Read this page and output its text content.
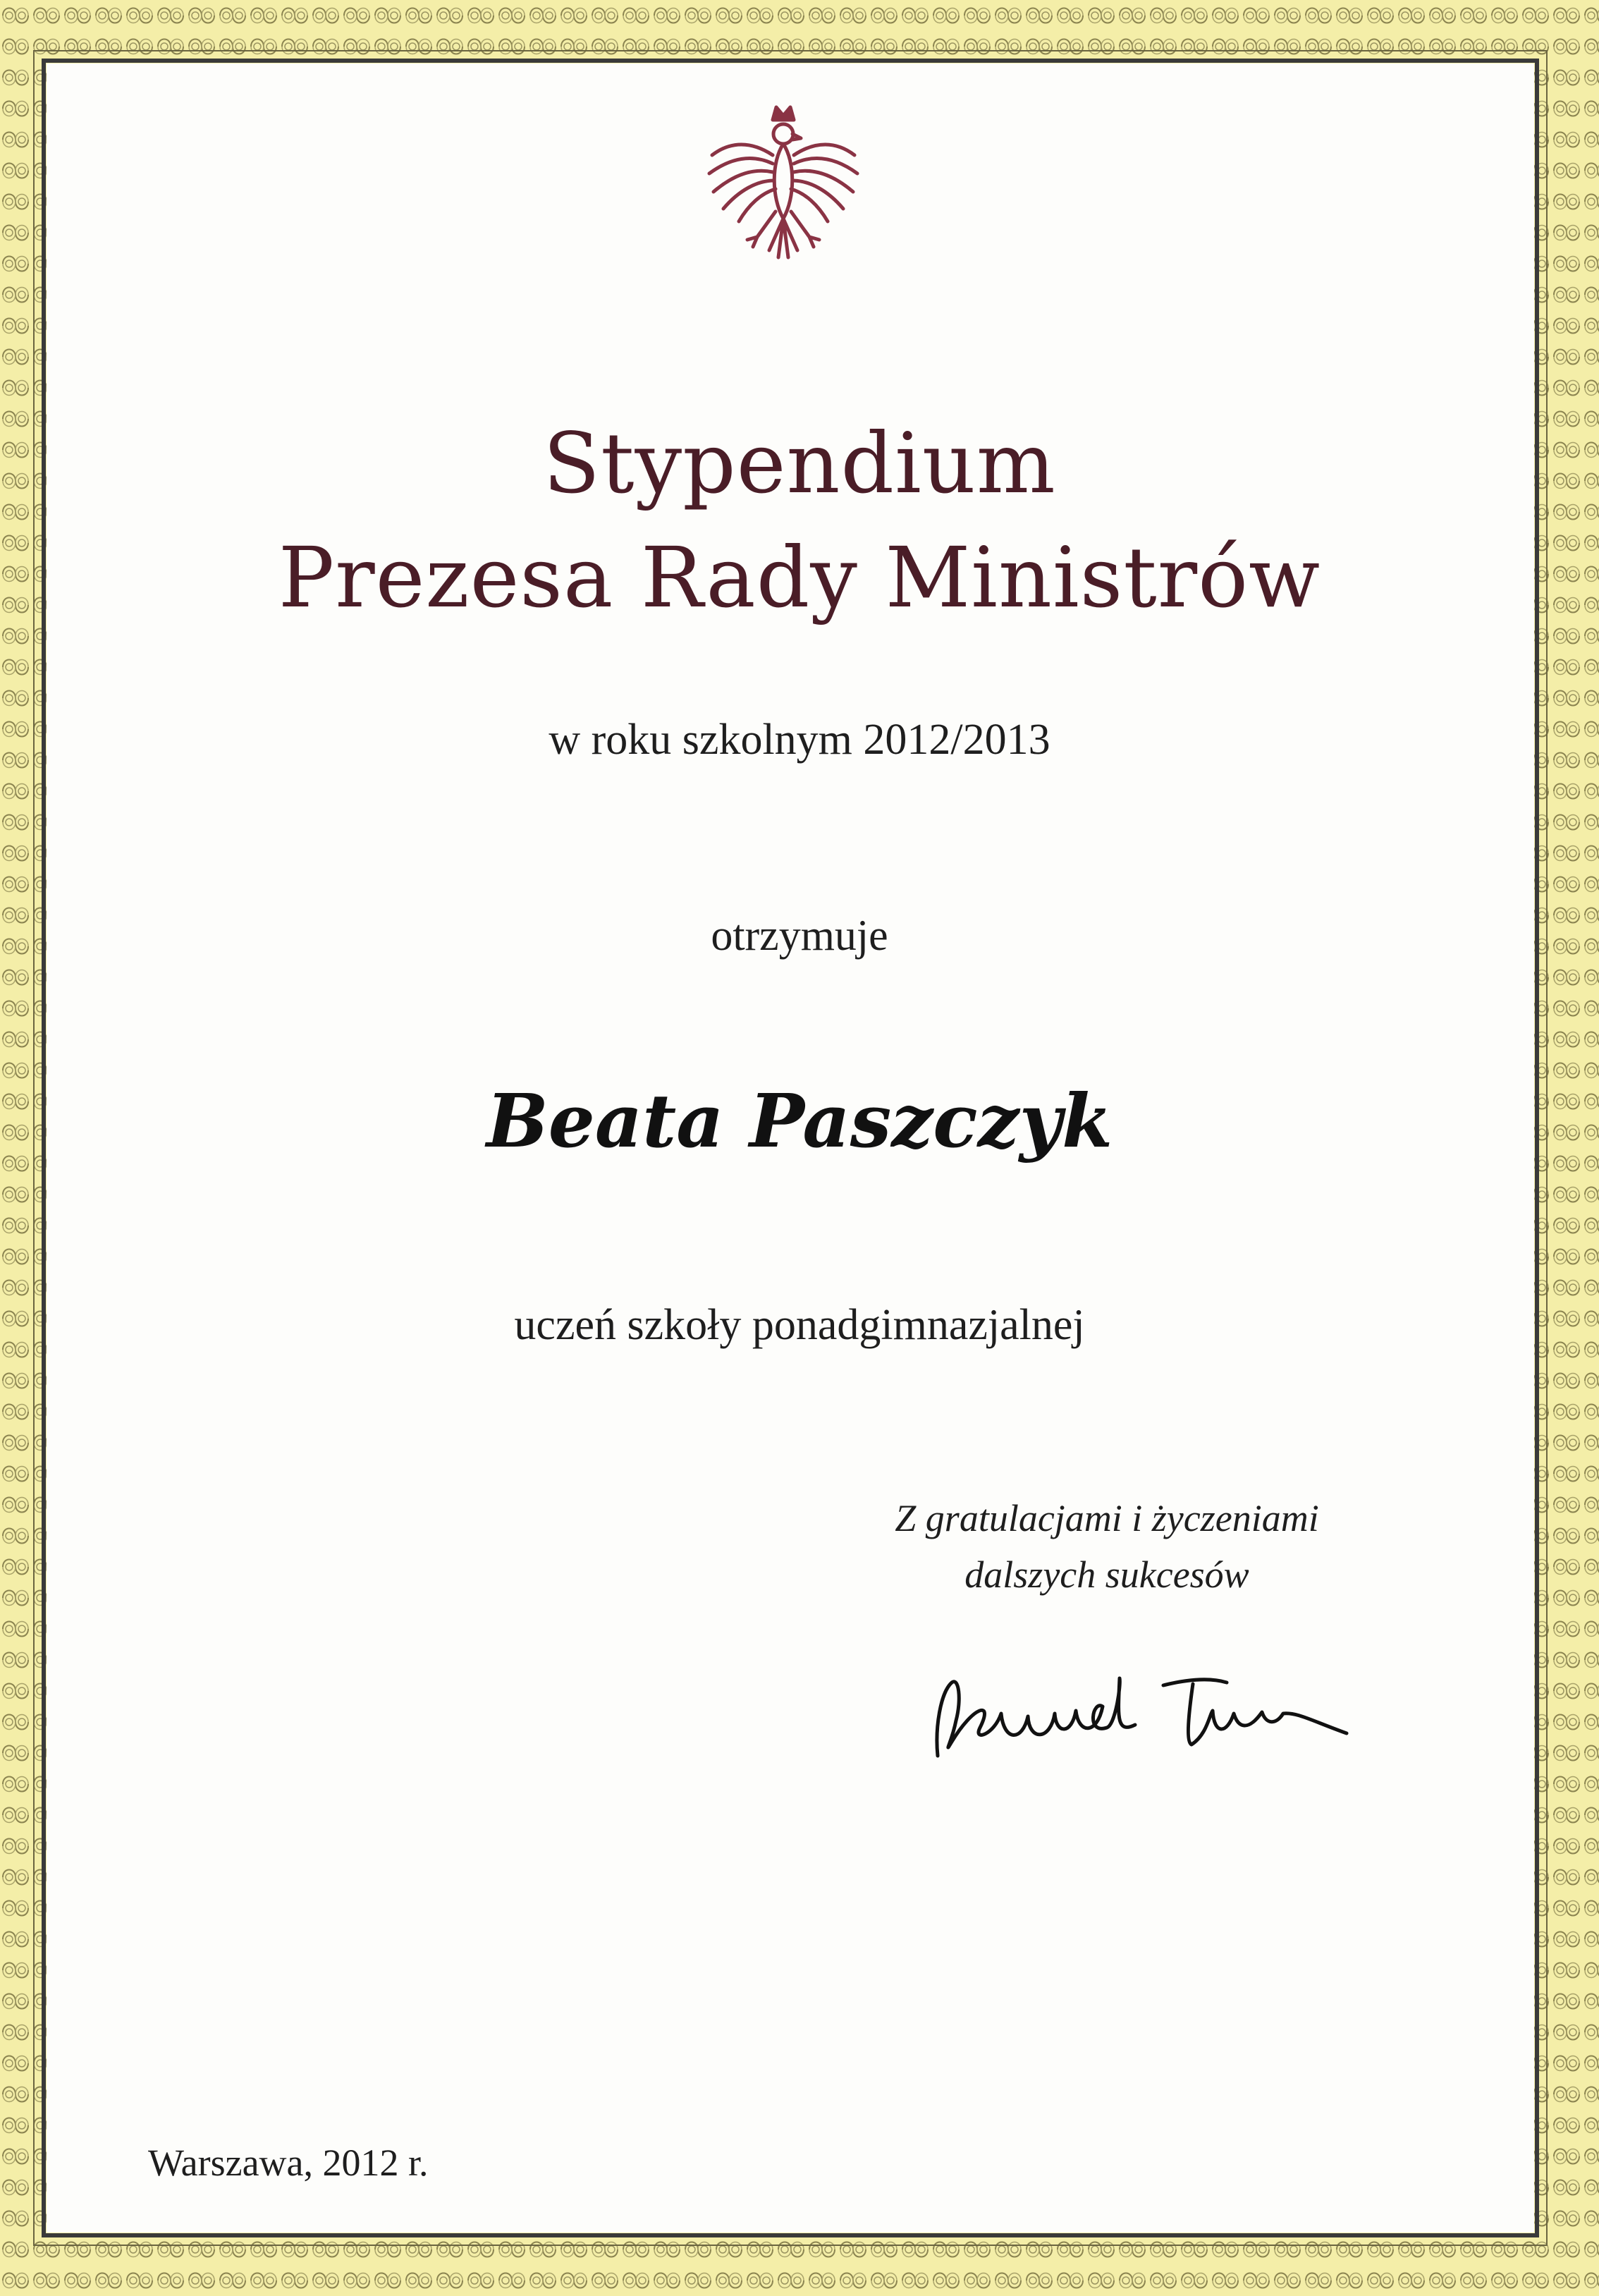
Stypendium
Prezesa Rady Ministrów
w roku szkolnym 2012/2013
otrzymuje
Beata Paszczyk
uczeń szkoły ponadgimnazjalnej
Z gratulacjami i życzeniami
dalszych sukcesów
Warszawa, 2012 r.
